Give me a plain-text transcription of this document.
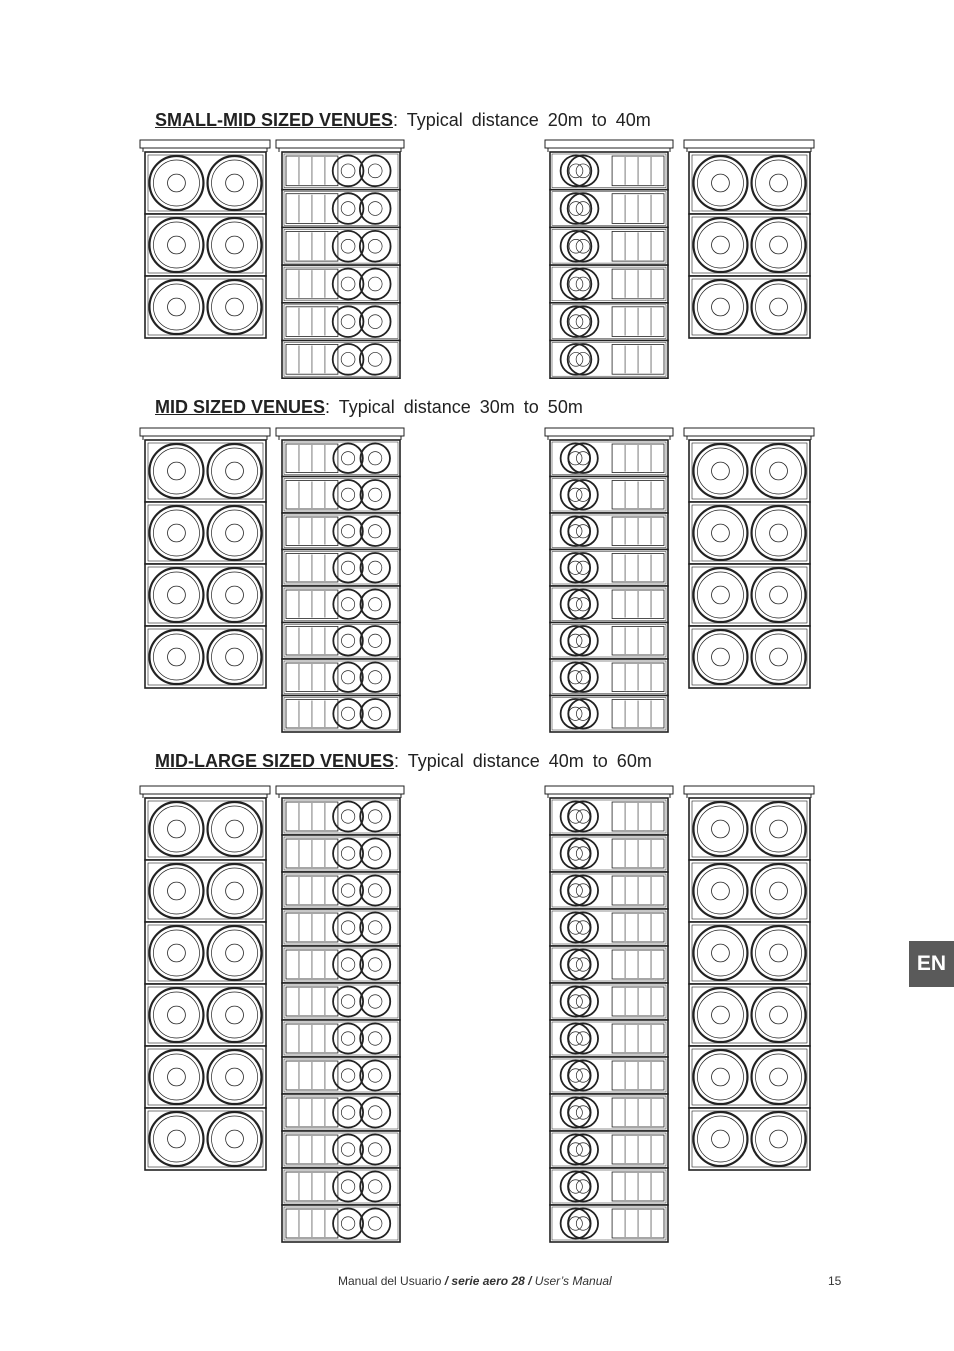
SMALL-MID SIZED VENUES: Typical distance 20m to 40m
MID SIZED VENUES: Typical distance 30m to 50m
MID-LARGE SIZED VENUES: Typical distance 40m to 60m
EN
Manual del Usuario / serie aero 28 / User’s Manual	15
